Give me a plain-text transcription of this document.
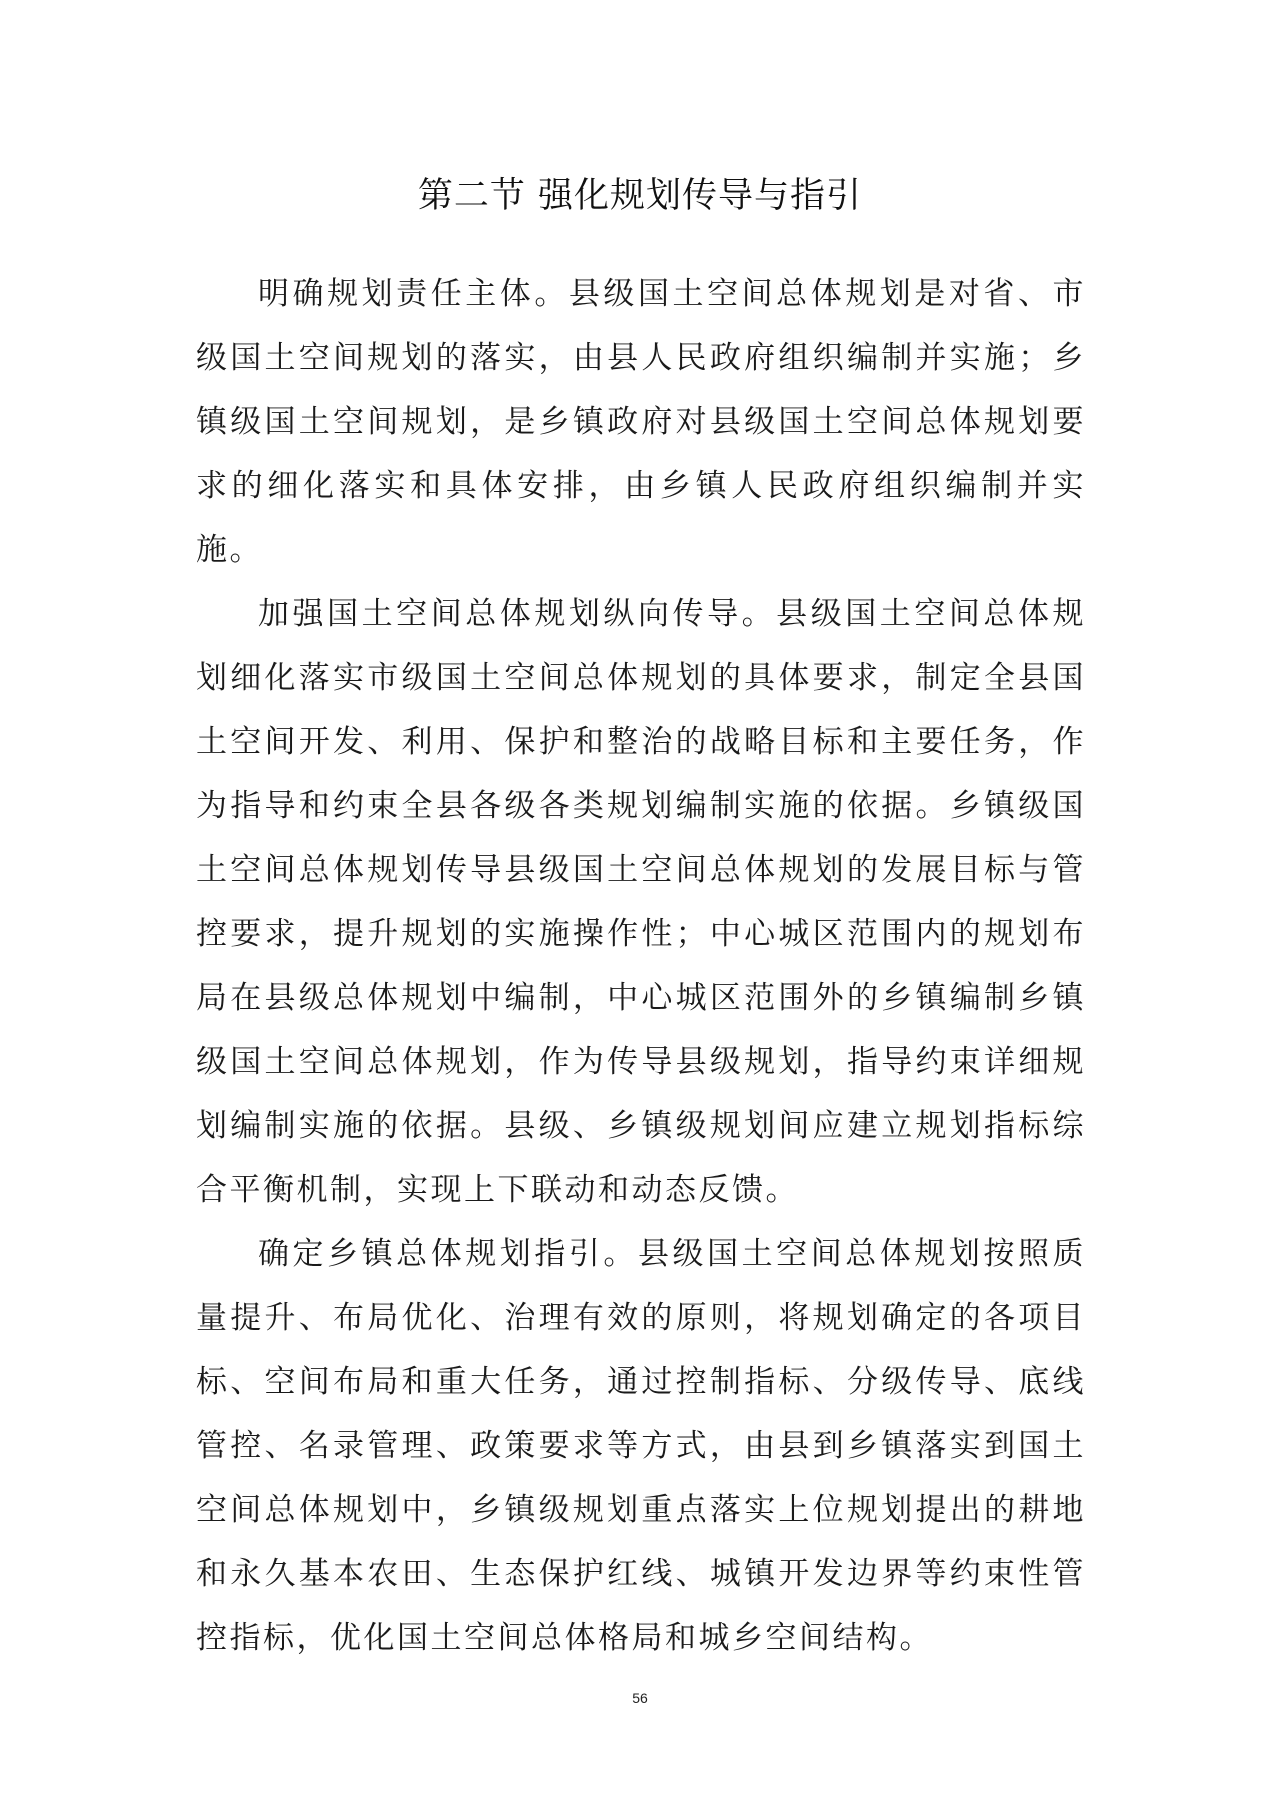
第二节 强化规划传导与指引

明确规划责任主体。县级国土空间总体规划是对省、市级国土空间规划的落实，由县人民政府组织编制并实施；乡镇级国土空间规划，是乡镇政府对县级国土空间总体规划要求的细化落实和具体安排，由乡镇人民政府组织编制并实施。

加强国土空间总体规划纵向传导。县级国土空间总体规划细化落实市级国土空间总体规划的具体要求，制定全县国土空间开发、利用、保护和整治的战略目标和主要任务，作为指导和约束全县各级各类规划编制实施的依据。乡镇级国土空间总体规划传导县级国土空间总体规划的发展目标与管控要求，提升规划的实施操作性；中心城区范围内的规划布局在县级总体规划中编制，中心城区范围外的乡镇编制乡镇级国土空间总体规划，作为传导县级规划，指导约束详细规划编制实施的依据。县级、乡镇级规划间应建立规划指标综合平衡机制，实现上下联动和动态反馈。

确定乡镇总体规划指引。县级国土空间总体规划按照质量提升、布局优化、治理有效的原则，将规划确定的各项目标、空间布局和重大任务，通过控制指标、分级传导、底线管控、名录管理、政策要求等方式，由县到乡镇落实到国土空间总体规划中，乡镇级规划重点落实上位规划提出的耕地和永久基本农田、生态保护红线、城镇开发边界等约束性管控指标，优化国土空间总体格局和城乡空间结构。

56
